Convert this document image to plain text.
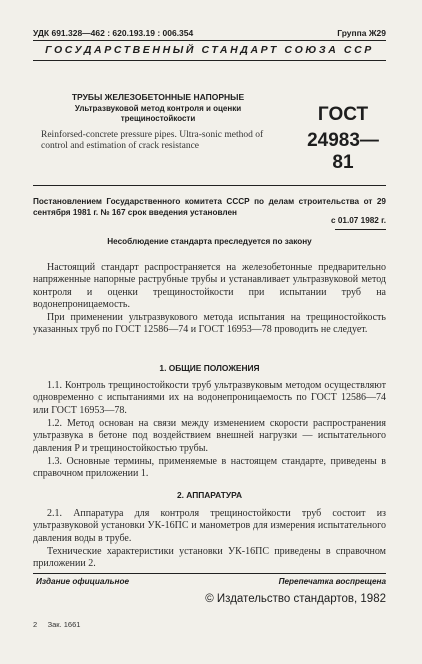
УДК 691.328—462 : 620.193.19 : 006.354	Группа Ж29
ГОСУДАРСТВЕННЫЙ СТАНДАРТ СОЮЗА ССР

ТРУБЫ ЖЕЛЕЗОБЕТОННЫЕ НАПОРНЫЕ

Ультразвуковой метод контроля и оценки
трещиностойкости

Reinforsed-concrete pressure pipes. Ultra-sonic method of control and estimation of crack resistance

ГОСТ
24983—81
Постановлением Государственного комитета СССР по делам строительства от 29 сентября 1981 г. № 167 срок введения установлен
с 01.07 1982 г.
Несоблюдение стандарта преследуется по закону

Настоящий стандарт распространяется на железобетонные предварительно напряженные напорные раструбные трубы и устанавливает ультразвуковой метод контроля и оценки трещиностойкости при испытании труб на водонепроницаемость.

При применении ультразвукового метода испытания на трещиностойкость указанных труб по ГОСТ 12586—74 и ГОСТ 16953—78 проводить не следует.

1. ОБЩИЕ ПОЛОЖЕНИЯ

1.1. Контроль трещиностойкости труб ультразвуковым методом осуществляют одновременно с испытаниями их на водонепроницаемость по ГОСТ 12586—74 или ГОСТ 16953—78.

1.2. Метод основан на связи между изменением скорости распространения ультразвука в бетоне под воздействием внешней нагрузки — испытательного давления P и трещиностойкостью трубы.

1.3. Основные термины, применяемые в настоящем стандарте, приведены в справочном приложении 1.

2. АППАРАТУРА

2.1. Аппаратура для контроля трещиностойкости труб состоит из ультразвуковой установки УК-16ПС и манометров для измерения испытательного давления воды в трубе.

Технические характеристики установки УК-16ПС приведены в справочном приложении 2.

Издание официальное	Перепечатка воспрещена
© Издательство стандартов, 1982
2 Зак. 1661
